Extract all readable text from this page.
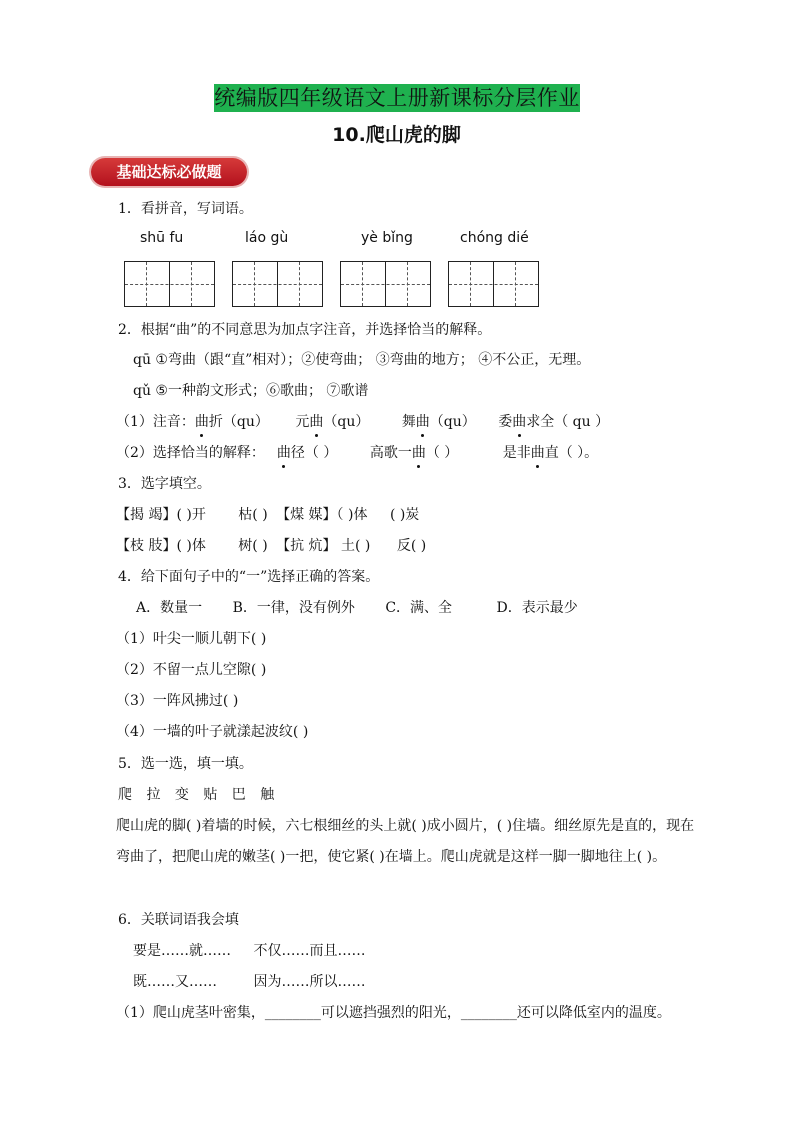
统编版四年级语文上册新课标分层作业
10.爬山虎的脚
基础达标必做题
1．看拼音，写词语。
shū fu	láo gù	yè bǐng	chóng dié
2．根据“曲”的不同意思为加点字注音，并选择恰当的解释。
qū ①弯曲（跟“直”相对）；②使弯曲； ③弯曲的地方； ④不公正，无理。
qǔ ⑤一种韵文形式；⑥歌曲； ⑦歌谱
（1）注音：曲折（qu） 元曲（qu） 舞曲（qu） 委曲求全（ qu ）
（2）选择恰当的解释： 曲径（ ） 高歌一曲（ ）	是非曲直（ ）。
3．选字填空。
【揭 竭】( )开 枯( ) 【煤 媒】（ )体 ( )炭
【枝 肢】( )体 树( ) 【抗 炕】 土( ) 反( )
4．给下面句子中的“一”选择正确的答案。
A．数量一 B．一律，没有例外 C．满、全	D．表示最少
（1）叶尖一顺儿朝下( )
（2）不留一点儿空隙( )
（3）一阵风拂过( )
（4）一墙的叶子就漾起波纹( )
5．选一选，填一填。
爬 拉 变 贴 巴 触
爬山虎的脚( )着墙的时候，六七根细丝的头上就( )成小圆片，( )住墙。细丝原先是直的，现在弯曲了，把爬山虎的嫩茎( )一把，使它紧( )在墙上。爬山虎就是这样一脚一脚地往上( )。
6．关联词语我会填
要是……就…… 不仅……而且……
既……又……	因为……所以……
（1）爬山虎茎叶密集，________可以遮挡强烈的阳光，________还可以降低室内的温度。
